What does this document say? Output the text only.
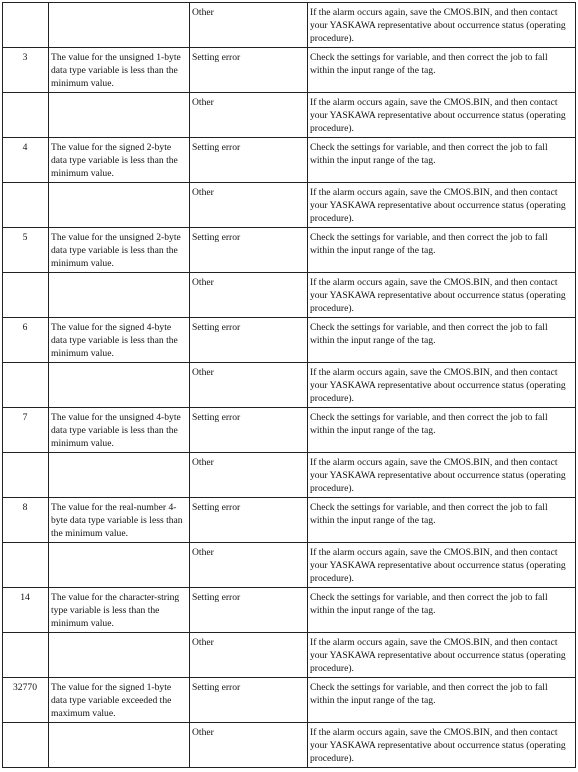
		Other	If the alarm occurs again, save the CMOS.BIN, and then contact your YASKAWA representative about occurrence status (operating procedure).
3	The value for the unsigned 1-byte data type variable is less than the minimum value.	Setting error	Check the settings for variable, and then correct the job to fall within the input range of the tag.
		Other	If the alarm occurs again, save the CMOS.BIN, and then contact your YASKAWA representative about occurrence status (operating procedure).
4	The value for the signed 2-byte data type variable is less than the minimum value.	Setting error	Check the settings for variable, and then correct the job to fall within the input range of the tag.
		Other	If the alarm occurs again, save the CMOS.BIN, and then contact your YASKAWA representative about occurrence status (operating procedure).
5	The value for the unsigned 2-byte data type variable is less than the minimum value.	Setting error	Check the settings for variable, and then correct the job to fall within the input range of the tag.
		Other	If the alarm occurs again, save the CMOS.BIN, and then contact your YASKAWA representative about occurrence status (operating procedure).
6	The value for the signed 4-byte data type variable is less than the minimum value.	Setting error	Check the settings for variable, and then correct the job to fall within the input range of the tag.
		Other	If the alarm occurs again, save the CMOS.BIN, and then contact your YASKAWA representative about occurrence status (operating procedure).
7	The value for the unsigned 4-byte data type variable is less than the minimum value.	Setting error	Check the settings for variable, and then correct the job to fall within the input range of the tag.
		Other	If the alarm occurs again, save the CMOS.BIN, and then contact your YASKAWA representative about occurrence status (operating procedure).
8	The value for the real-number 4-byte data type variable is less than the minimum value.	Setting error	Check the settings for variable, and then correct the job to fall within the input range of the tag.
		Other	If the alarm occurs again, save the CMOS.BIN, and then contact your YASKAWA representative about occurrence status (operating procedure).
14	The value for the character-string type variable is less than the minimum value.	Setting error	Check the settings for variable, and then correct the job to fall within the input range of the tag.
		Other	If the alarm occurs again, save the CMOS.BIN, and then contact your YASKAWA representative about occurrence status (operating procedure).
32770	The value for the signed 1-byte data type variable exceeded the maximum value.	Setting error	Check the settings for variable, and then correct the job to fall within the input range of the tag.
		Other	If the alarm occurs again, save the CMOS.BIN, and then contact your YASKAWA representative about occurrence status (operating procedure).
